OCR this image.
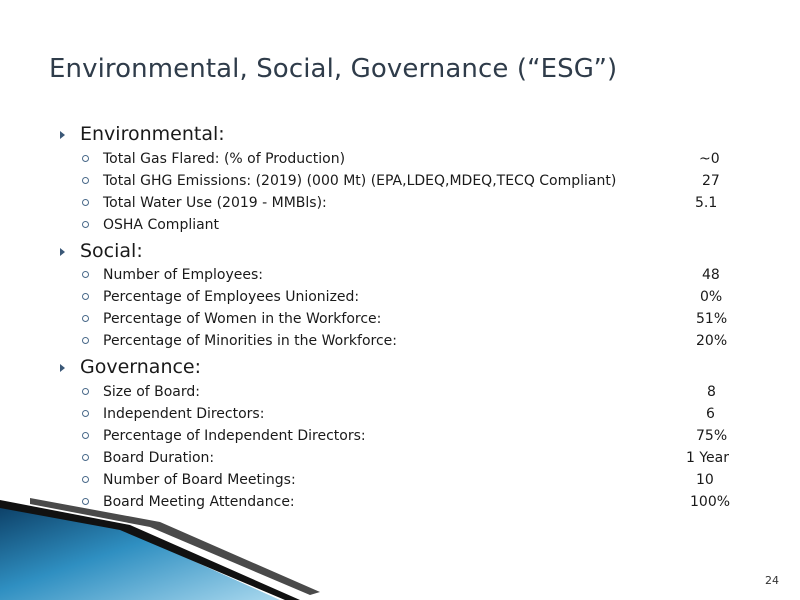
Environmental, Social, Governance (“ESG”)
Environmental:
Total Gas Flared: (% of Production)	~0
Total GHG Emissions: (2019) (000 Mt) (EPA,LDEQ,MDEQ,TECQ Compliant)	27
Total Water Use (2019 - MMBls):	5.1
OSHA Compliant
Social:
Number of Employees:	48
Percentage of Employees Unionized:	0%
Percentage of Women in the Workforce:	51%
Percentage of Minorities in the Workforce:	20%
Governance:
Size of Board:	8
Independent Directors:	6
Percentage of Independent Directors:	75%
Board Duration:	1 Year
Number of Board Meetings:	10
Board Meeting Attendance:	100%
24
